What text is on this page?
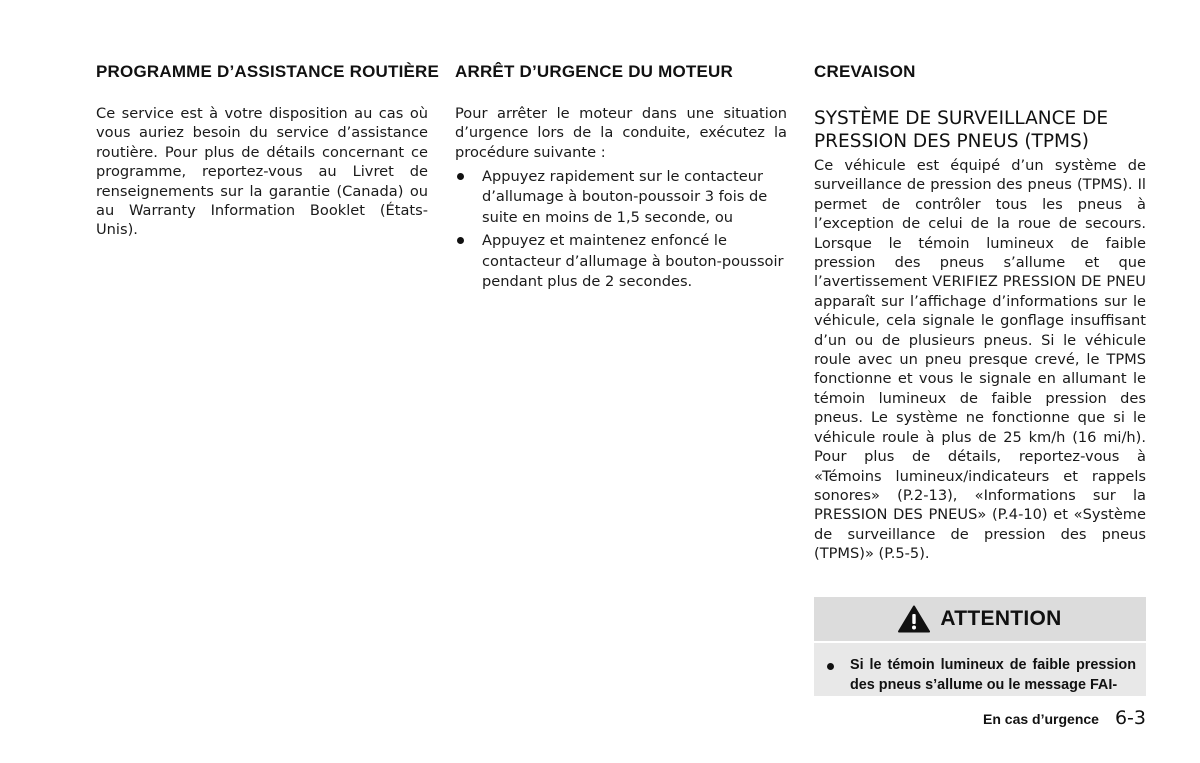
PROGRAMME D’ASSISTANCE ROUTIÈRE

Ce service est à votre disposition au cas où vous auriez besoin du service d’assistance routière. Pour plus de détails concernant ce programme, reportez-vous au Livret de renseignements sur la garantie (Canada) ou au Warranty Information Booklet (États-Unis).

ARRÊT D’URGENCE DU MOTEUR

Pour arrêter le moteur dans une situation d’urgence lors de la conduite, exécutez la procédure suivante :

Appuyez rapidement sur le contacteur d’allumage à bouton-poussoir 3 fois de suite en moins de 1,5 seconde, ou
Appuyez et maintenez enfoncé le contacteur d’allumage à bouton-poussoir pendant plus de 2 secondes.
CREVAISON
SYSTÈME DE SURVEILLANCE DE PRESSION DES PNEUS (TPMS)

Ce véhicule est équipé d’un système de surveillance de pression des pneus (TPMS). Il permet de contrôler tous les pneus à l’exception de celui de la roue de secours. Lorsque le témoin lumineux de faible pression des pneus s’allume et que l’avertissement VERIFIEZ PRESSION DE PNEU apparaît sur l’affichage d’informations sur le véhicule, cela signale le gonflage insuffisant d’un ou de plusieurs pneus. Si le véhicule roule avec un pneu presque crevé, le TPMS fonctionne et vous le signale en allumant le témoin lumineux de faible pression des pneus. Le système ne fonctionne que si le véhicule roule à plus de 25 km/h (16 mi/h). Pour plus de détails, reportez-vous à «Témoins lumineux/indicateurs et rappels sonores» (P.2-13), «Informations sur la PRESSION DES PNEUS» (P.4-10) et «Système de surveillance de pression des pneus (TPMS)» (P.5-5).

ATTENTION
Si le témoin lumineux de faible pression des pneus s’allume ou le message FAI-
En cas d’urgence 6-3
